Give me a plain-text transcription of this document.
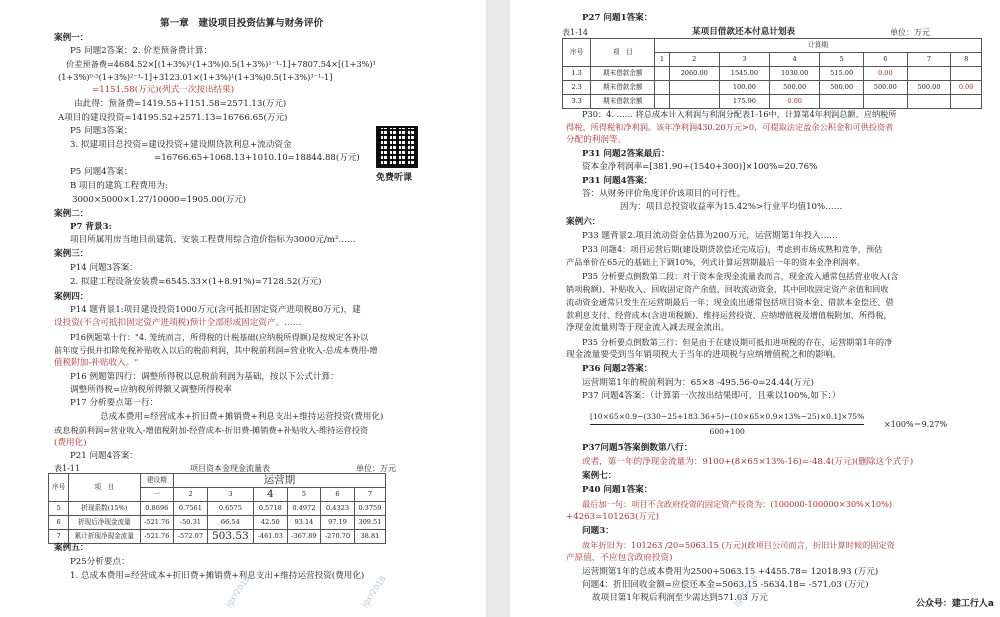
第一章　建设项目投资估算与财务评价
案例一：
P5 问题2答案：2. 价差预备费计算：
价差预备费=4684.52×[(1+3%)¹(1+3%)0.5(1+3%)¹⁻¹-1]+7807.54×[(1+3%)¹
(1+3%)⁰·⁵(1+3%)²⁻¹-1]+3123.01×(1+3%)¹(1+3%)0.5(1+3%)³⁻¹-1]
=1151.58(万元)(列式一次按出结果)
由此得：预备费=1419.55+1151.58=2571.13(万元)
A项目的建设投资=14195.52+2571.13=16766.65(万元)
P5 问题3答案：
3. 拟建项目总投资=建设投资+建设期贷款利息+流动资金
=16766.65+1068.13+1010.10=18844.88(万元)
P5 问题4答案：
B 项目的建筑工程费用为:
3000×5000×1.27/10000=1905.00(万元)
免费听课
案例二：
P7 背景3:
项目所属用房当地目前建筑、安装工程费用综合造价指标为3000元/m²……
案例三：
P14 问题3答案：
2. 拟建工程设备安装费=6545.33×(1+8.91%)=7128.52(万元)
案例四：
P14 题背景1:项目建设投资1000万元(含可抵扣固定资产进项税80万元)，建
设投资(不含可抵扣固定资产进项税)预计全部形成固定资产。……
P16例题第十行："4. 笼统而言，所得税的计税基础(应纳税所得额)是按规定各补以
前年度亏损并扣除免税补贴收入以后的税前利润，其中税前利润=营业收入-总成本费用-增
值税附加-补贴收入。"
P16 例题第四行：调整所得税以息税前利润为基础，按以下公式计算：
调整所得税=应纳税所得额又调整所得税率
P17 分析要点第一行：
总成本费用=经营成本+折旧费+摊销费+利息支出+维持运营投资(费用化)
或息税前利润=营业收入-增值税附加-经营成本-折旧费-摊销费+补贴收入-维持运营投资
(费用化)
P21 问题4答案：
表1-11	项目资本金现金流量表	单位：万元
序号	项　目	建设期	运营期					
		一	2	3	4	5	6	7
5	折现系数(15%)	0.8696	0.7561	0.6575	0.5718	0.4972	0.4323	0.3759
6	折现后净现金流量	-521.76	-50.31	66.54	42.50	93.14	97.19	309.51
7	累计折现净现金流量	-521.76	-572.07	503.53	-461.03	-367.89	-270.70	38.81
案例五：
P25分析要点：
1. 总成本费用=经营成本+折旧费+摊销费+利息支出+维持运营投资(费用化)
jgxr2018	jgxr2018
P27 问题1答案：
表1-14	某项目借款还本付息计划表	单位：万元
序号	项　目	计算期							
		1	2	3	4	5	6	7	8
1.3	期末借款余额		2060.00	1545.00	1030.00	515.00	0.00		
2.3	期末借款余额			100.00	500.00	500.00	500.00	500.00	0.00
3.3	期末借款余额			175.90	0.00				
P30：4. …… 将总成本计入利润与利润分配表1-16中，计算第4年利润总额、应纳税所
得税、所得税和净利润。该年净利润430.20万元>0，可提取法定盈余公积金和可供投资者
分配的利润等。
P31 问题2答案最后：
资本金净利润率=[381.90÷(1540+300)]×100%=20.76%
P31 问题4答案：
答：从财务评价角度评价该项目的可行性。
因为：项目总投资收益率为15.42%>行业平均值10%……
案例六：
P33 题背景2.项目流动资金估算为200万元，运营期第1年投入……
P33 问题4：项目运营后期(建设期贷款偿还完成后)，考虑到市场成熟和竞争，预估
产品单价在65元的基础上下调10%，列式计算运营期最后一年的资本金净利润率。
P35 分析要点倒数第二段：对于资本金现金流量表而言，现金流入通常包括营业收入(含
销项税额)、补贴收入、回收固定资产余值、回收流动资金，其中回收固定资产余值和回收
流动资金通常只发生在运营期最后一年；现金流出通常包括项目资本金、借款本金偿还、借
款利息支付、经营成本(含进项税额)、维持运营投资、应纳增值税及增值税附加、所得税，
净现金流量则等于现金流入减去现金流出。
P35 分析要点倒数第三行：但是由于在建设期可抵扣进项税的存在，运营期第1年的净
现金流量要受到当年销项税大于当年的进项税与应纳增值税之和的影响。
P36 问题2答案：
运营期第1年的税前利润为：65×8 -495.56-0=24.44(万元)
P37 问题4答案：（计算第一次按出结果即可，且乘以100%,如下：）
$\frac{[10\times 65\times 0.9-(330-25+183.36+5)-(10\times 65\times 0.9\times 13\%-25)\times 0.1]\times 75\%}{600+100} \times 100\%=9.27\%$
P37问题5答案倒数第八行：
或者，第一年的净现金流量为：9100+(8×65×13%-16)=-48.4(万元)(删除这个式子)
案例七：
P40 问题1答案：
最后加一句：项目不含政府投资的固定资产投资为：(100000-100000×30%×10%)
+4263=101263(万元)
问题3：
故年折旧为：101263 /20=5063.15 (万元)(政项目公司而言，折旧计算时候的固定资
产原值，不应包含政府投资)
运营期第1年的总成本费用为2500+5063.15 +4455.78= 12018.93 (万元)
问题4：折旧回收金额=应偿还本金=5063.15 -5634.18= -571.03 (万元)
故项目第1年税后利润至少需达到571.03 万元
jgxr2018	公众号：建工行人a
